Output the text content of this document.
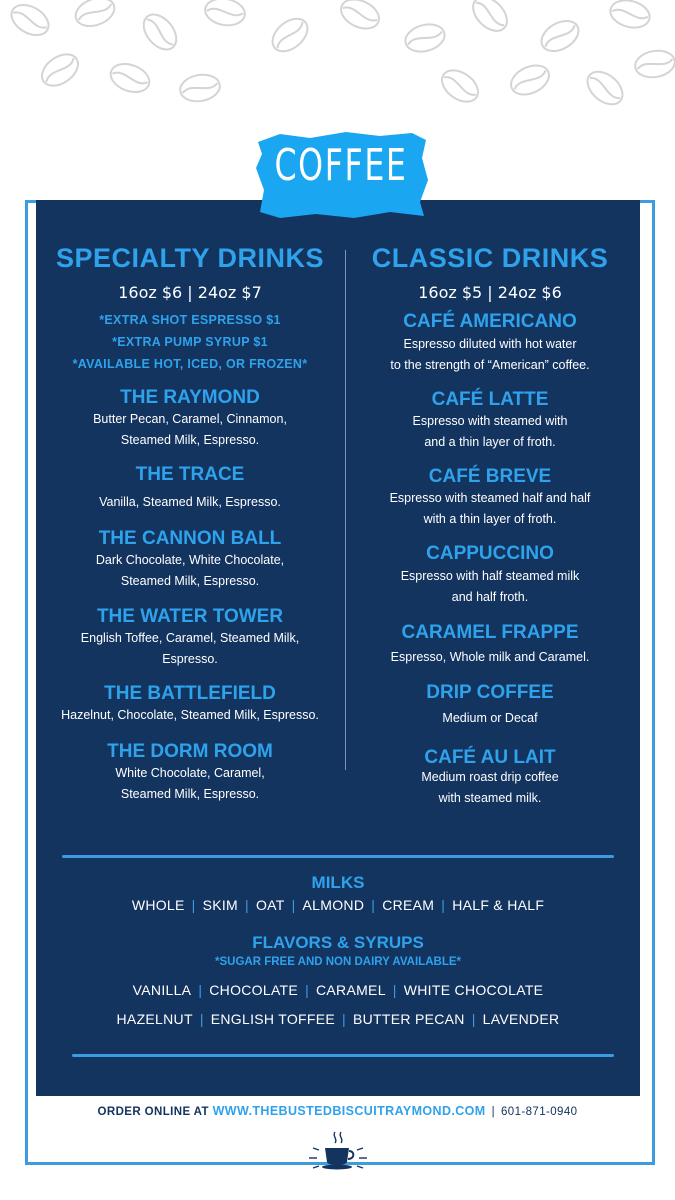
COFFEE
SPECIALTY DRINKS
16oz $6 | 24oz $7
*EXTRA SHOT ESPRESSO $1
*EXTRA PUMP SYRUP $1
*AVAILABLE HOT, ICED, OR FROZEN*
THE RAYMOND
Butter Pecan, Caramel, Cinnamon,
Steamed Milk, Espresso.
THE TRACE
Vanilla, Steamed Milk, Espresso.
THE CANNON BALL
Dark Chocolate, White Chocolate,
Steamed Milk, Espresso.
THE WATER TOWER
English Toffee, Caramel, Steamed Milk,
Espresso.
THE BATTLEFIELD
Hazelnut, Chocolate, Steamed Milk, Espresso.
THE DORM ROOM
White Chocolate, Caramel,
Steamed Milk, Espresso.
CLASSIC DRINKS
16oz $5 | 24oz $6
CAFÉ AMERICANO
Espresso diluted with hot water
to the strength of “American” coffee.
CAFÉ LATTE
Espresso with steamed with
and a thin layer of froth.
CAFÉ BREVE
Espresso with steamed half and half
with a thin layer of froth.
CAPPUCCINO
Espresso with half steamed milk
and half froth.
CARAMEL FRAPPE
Espresso, Whole milk and Caramel.
DRIP COFFEE
Medium or Decaf
CAFÉ AU LAIT
Medium roast drip coffee
with steamed milk.
MILKS
WHOLE | SKIM | OAT | ALMOND | CREAM | HALF & HALF
FLAVORS & SYRUPS
*SUGAR FREE AND NON DAIRY AVAILABLE*
VANILLA | CHOCOLATE | CARAMEL | WHITE CHOCOLATE
HAZELNUT | ENGLISH TOFFEE | BUTTER PECAN | LAVENDER
ORDER ONLINE AT WWW.THEBUSTEDBISCUITRAYMOND.COM | 601-871-0940
